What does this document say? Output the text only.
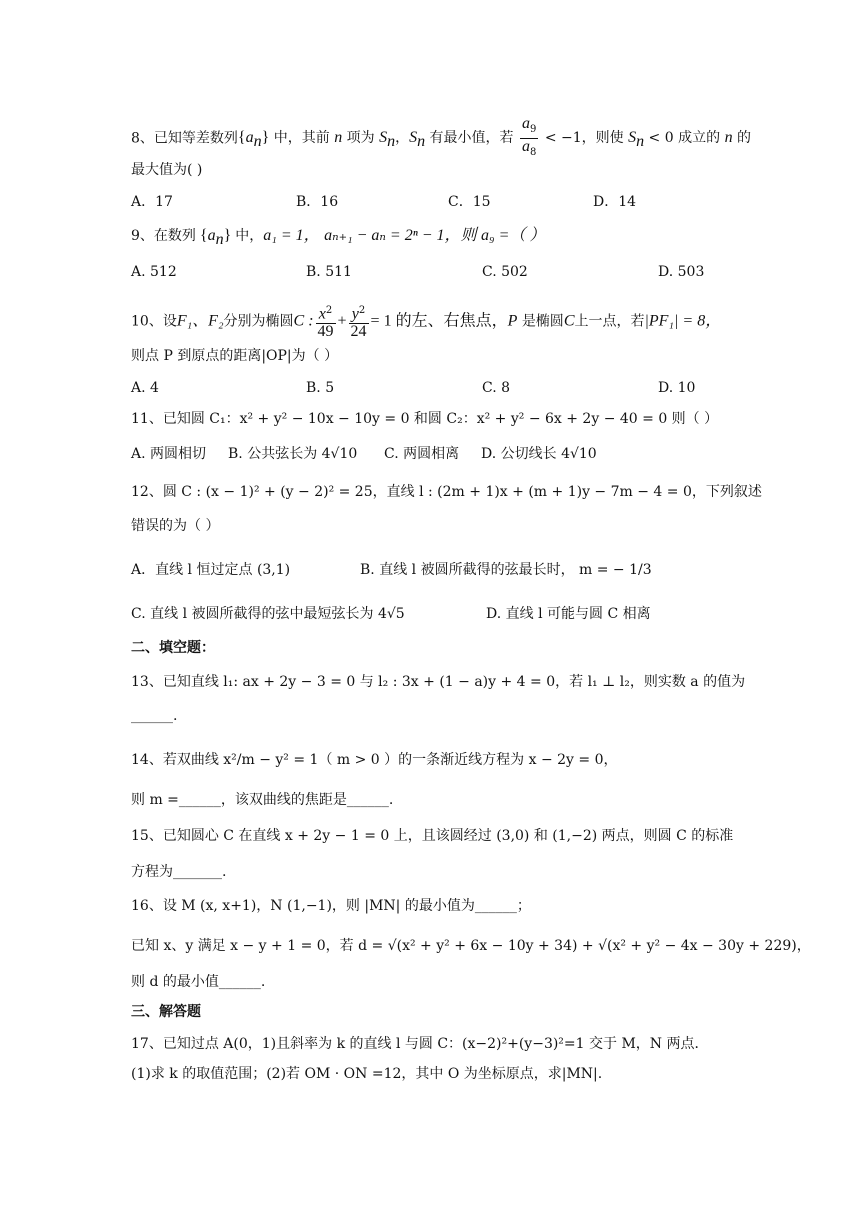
8、已知等差数列$\{a_n\}$ 中，其前 n 项为 $S_n$，$S_n$ 有最小值，若 $\frac{a_9}{a_8} < -1$，则使 $S_n < 0$ 成立的 n 的
最大值为( )
A．17	B．16	C．15	D．14
9、在数列 $\{a_n\}$ 中，a₁ = 1， aₙ₊₁ − aₙ = 2ⁿ − 1，则 a₉ =（ ）
A. 512	B. 511	C. 502	D. 503
10、设F₁、F₂分别为椭圆C : $\frac{x^2}{49} + \frac{y^2}{24} = 1$ 的左、右焦点，P 是椭圆C上一点，若|PF₁| = 8，
则点 P 到原点的距离|OP|为（ ）
A. 4	B. 5	C. 8	D. 10
11、已知圆 C₁：x² + y² − 10x − 10y = 0 和圆 C₂：x² + y² − 6x + 2y − 40 = 0 则（ ）
A. 两圆相切 B. 公共弦长为 4√10 C. 两圆相离 D. 公切线长 4√10
12、圆 C : (x − 1)² + (y − 2)² = 25，直线 l : (2m + 1)x + (m + 1)y − 7m − 4 = 0，下列叙述
错误的为（ ）
A．直线 l 恒过定点 (3,1)	B. 直线 l 被圆所截得的弦最长时， m = − 1/3
C. 直线 l 被圆所截得的弦中最短弦长为 4√5	D. 直线 l 可能与圆 C 相离
二、填空题：
13、已知直线 l₁: ax + 2y − 3 = 0 与 l₂ : 3x + (1 − a)y + 4 = 0，若 l₁ ⊥ l₂，则实数 a 的值为
______.
14、若双曲线 x²/m − y² = 1（ m > 0 ）的一条渐近线方程为 x − 2y = 0，
则 m =______，该双曲线的焦距是______.
15、已知圆心 C 在直线 x + 2y − 1 = 0 上，且该圆经过 (3,0) 和 (1,−2) 两点，则圆 C 的标准
方程为_______.
16、设 M (x, x+1)，N (1,−1)，则 |MN| 的最小值为______；
已知 x、y 满足 x − y + 1 = 0，若 d = √(x² + y² + 6x − 10y + 34) + √(x² + y² − 4x − 30y + 229)，
则 d 的最小值______.
三、解答题
17、已知过点 A(0，1)且斜率为 k 的直线 l 与圆 C：(x−2)²+(y−3)²=1 交于 M，N 两点．
(1)求 k 的取值范围；(2)若 OM · ON =12，其中 O 为坐标原点，求|MN|.
